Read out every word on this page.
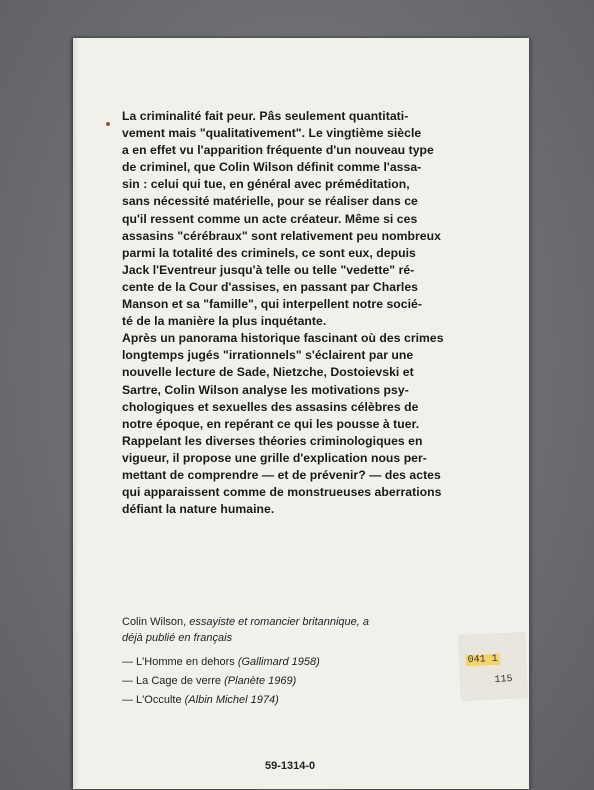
La criminalité fait peur. Pâs seulement quantitati-

vement mais "qualitativement". Le vingtième siècle

a en effet vu l'apparition fréquente d'un nouveau type

de criminel, que Colin Wilson définit comme l'assa-

sin : celui qui tue, en général avec préméditation,

sans nécessité matérielle, pour se réaliser dans ce

qu'il ressent comme un acte créateur. Même si ces

assasins "cérébraux" sont relativement peu nombreux

parmi la totalité des criminels, ce sont eux, depuis

Jack l'Eventreur jusqu'à telle ou telle "vedette" ré-

cente de la Cour d'assises, en passant par Charles

Manson et sa "famille", qui interpellent notre socié-

té de la manière la plus inquétante.

Après un panorama historique fascinant où des crimes

longtemps jugés "irrationnels" s'éclairent par une

nouvelle lecture de Sade, Nietzche, Dostoievski et

Sartre, Colin Wilson analyse les motivations psy-

chologiques et sexuelles des assasins célèbres de

notre époque, en repérant ce qui les pousse à tuer.

Rappelant les diverses théories criminologiques en

vigueur, il propose une grille d'explication nous per-

mettant de comprendre — et de prévenir? — des actes

qui apparaissent comme de monstrueuses aberrations

défiant la nature humaine.

Colin Wilson, essayiste et romancier britannique, a
déjà publié en français
— L'Homme en dehors (Gallimard 1958)
— La Cage de verre (Planète 1969)
— L'Occulte (Albin Michel 1974)
041 1
115
59-1314-0
